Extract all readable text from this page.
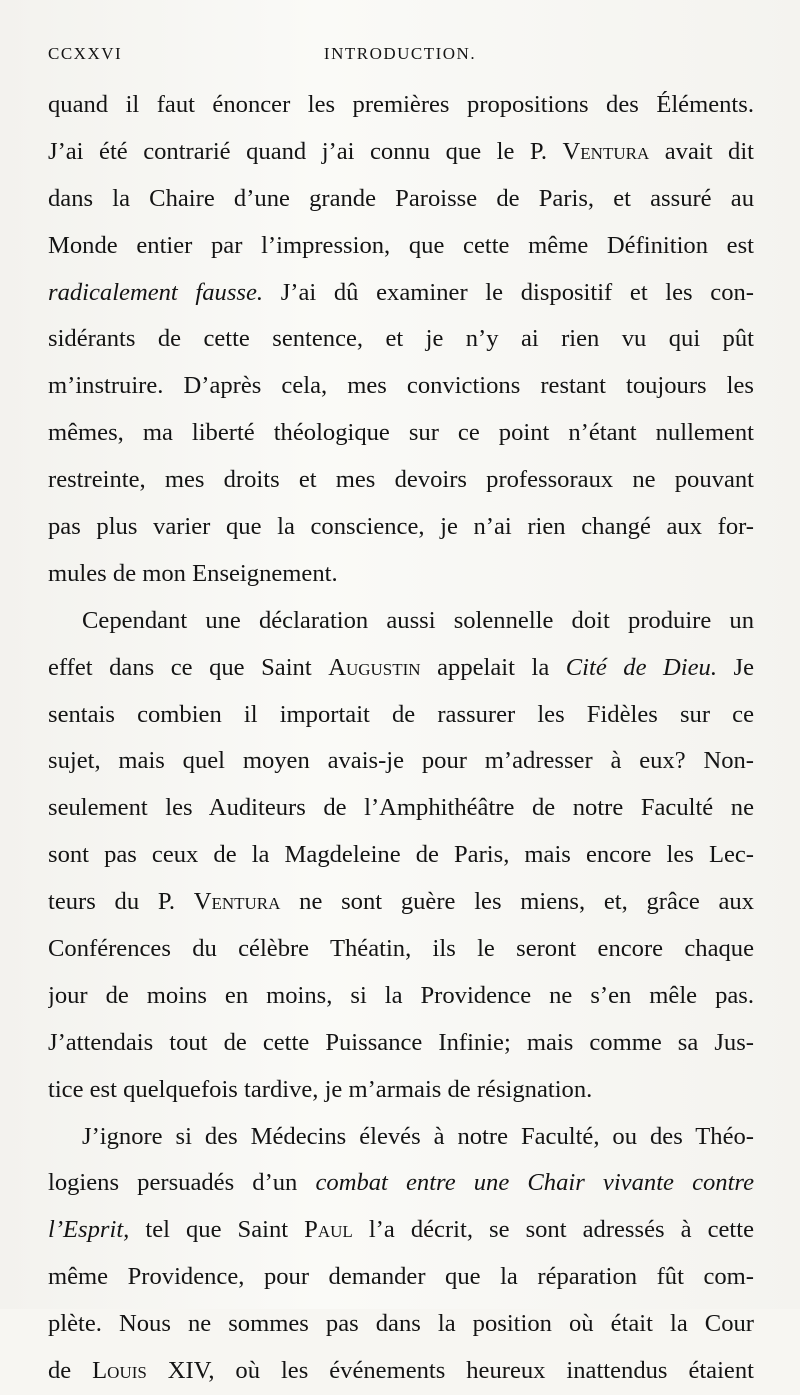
CCXXVI	INTRODUCTION.
quand il faut énoncer les premières propositions des Éléments.
J’ai été contrarié quand j’ai connu que le P. Ventura avait dit
dans la Chaire d’une grande Paroisse de Paris, et assuré au
Monde entier par l’impression, que cette même Définition est
radicalement fausse. J’ai dû examiner le dispositif et les con-
sidérants de cette sentence, et je n’y ai rien vu qui pût
m’instruire. D’après cela, mes convictions restant toujours les
mêmes, ma liberté théologique sur ce point n’étant nullement
restreinte, mes droits et mes devoirs professoraux ne pouvant
pas plus varier que la conscience, je n’ai rien changé aux for-
mules de mon Enseignement.
Cependant une déclaration aussi solennelle doit produire un
effet dans ce que Saint Augustin appelait la Cité de Dieu. Je
sentais combien il importait de rassurer les Fidèles sur ce
sujet, mais quel moyen avais-je pour m’adresser à eux? Non-
seulement les Auditeurs de l’Amphithéâtre de notre Faculté ne
sont pas ceux de la Magdeleine de Paris, mais encore les Lec-
teurs du P. Ventura ne sont guère les miens, et, grâce aux
Conférences du célèbre Théatin, ils le seront encore chaque
jour de moins en moins, si la Providence ne s’en mêle pas.
J’attendais tout de cette Puissance Infinie; mais comme sa Jus-
tice est quelquefois tardive, je m’armais de résignation.
J’ignore si des Médecins élevés à notre Faculté, ou des Théo-
logiens persuadés d’un combat entre une Chair vivante contre
l’Esprit, tel que Saint Paul l’a décrit, se sont adressés à cette
même Providence, pour demander que la réparation fût com-
plète. Nous ne sommes pas dans la position où était la Cour
de Louis XIV, où les événements heureux inattendus étaient
